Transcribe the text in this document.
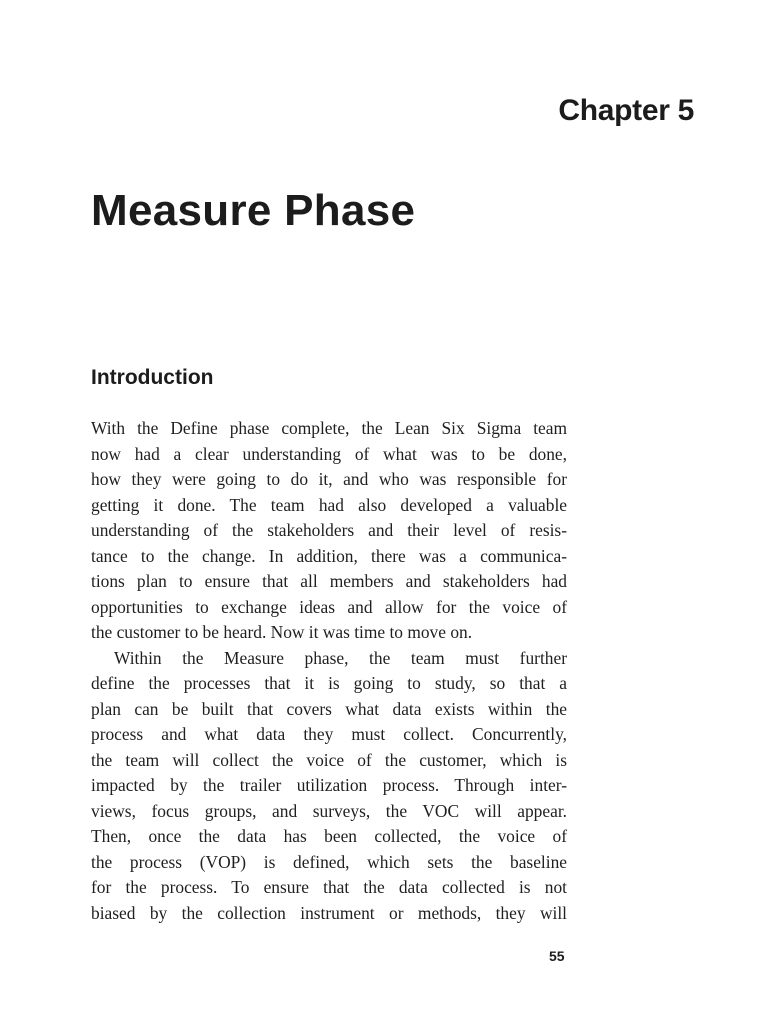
Chapter 5
Measure Phase
Introduction
With the Define phase complete, the Lean Six Sigma team
now had a clear understanding of what was to be done,
how they were going to do it, and who was responsible for
getting it done. The team had also developed a valuable
understanding of the stakeholders and their level of resis-
tance to the change. In addition, there was a communica-
tions plan to ensure that all members and stakeholders had
opportunities to exchange ideas and allow for the voice of
the customer to be heard. Now it was time to move on.
Within the Measure phase, the team must further
define the processes that it is going to study, so that a
plan can be built that covers what data exists within the
process and what data they must collect. Concurrently,
the team will collect the voice of the customer, which is
impacted by the trailer utilization process. Through inter-
views, focus groups, and surveys, the VOC will appear.
Then, once the data has been collected, the voice of
the process (VOP) is defined, which sets the baseline
for the process. To ensure that the data collected is not
biased by the collection instrument or methods, they will
55
